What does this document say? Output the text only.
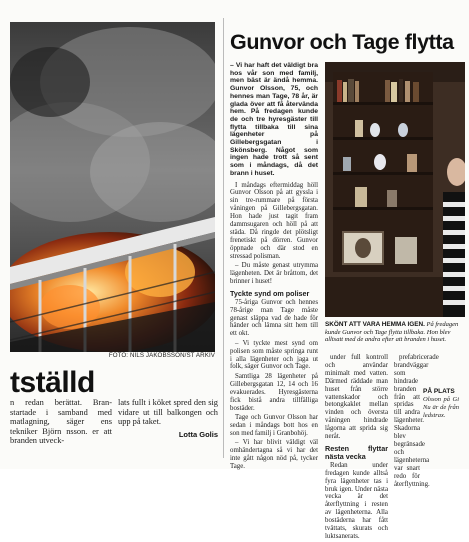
FOTO: NILS JAKOBSSON/ST ARKIV
tställd
n redan berättat. Bran- startade i samband med matlagning, säger ens tekniker Björn nsson. er att branden utveck-
lats fullt i köket spred den sig vidare ut till balkongen och upp på taket.
Lotta Golis
Gunvor och Tage flytta

– Vi har haft det väldigt bra hos vår son med familj, men bäst är ändå hemma. Gunvor Olsson, 75, och hennes man Tage, 78 år, är glada över att få återvända hem. På fredagen kunde de och tre hyresgäster till flytta tillbaka till sina lägenheter på Gillebergsgatan i Skönsberg. Något som ingen hade trott så sent som i måndags, då det brann i huset.

I måndags eftermiddag höll Gunvor Olsson på att gyssla i sin tre-rummare på första våningen på Gillebergsgatan. Hon hade just tagit fram dammsugaren och höll på att städa. Då ringde det plötsligt frenetiskt på dörren. Gunvor öppnade och där stod en stressad polisman.

– Du måste genast utrymma lägenheten. Det är bråttom, det brinner i huset!

Tyckte synd om poliser

75-åriga Gunvor och hennes 78-årige man Tage måste genast släppa vad de hade för händer och lämna sitt hem till ett okt.

– Vi tyckte mest synd om polisen som måste springa runt i alla lägenheter och jaga ut folk, säger Gunvor och Tage.

Samtliga 28 lägenheter på Gillebergsgatan 12, 14 och 16 evakuerades. Hyresgästerna fick bistå andra tillfälliga bostäder.

Tage och Gunvor Olsson har sedan i måndags bott hos en son med familj i Granbohöj.

– Vi har blivit väldigt väl omhändertagna så vi har det inte gått någon nöd på, tycker Tage.

SKÖNT ATT VARA HEMMA IGEN. På fredagen kunde Gunvor och Tage flytta tillbaka. Hon blev alltsatt med de andra efter att branden i huset.

under full kontroll och användar minimalt med vatten. Därmed räddade man huset från större vattenskador och betongkaklet mellan vinden och översta våningen hindrade lågorna att sprida sig neråt.

Resten flyttar nästa vecka

Redan under fredagen kunde alltså fyra lägenheter tas i bruk igen. Under nästa vecka är det återflyttning i resten av lägenheterna. Alla bostäderna har fått tvättats, skurats och luktsanerats.

prefabricerade brandväggar som hindrade branden från att spridas till andra lägenheter. Skadorna blev begränsade och lägenheterna var snart redo för återflyttning.

PÅ PLATS
Olsson på Gi Nu är de från ledstrax.
